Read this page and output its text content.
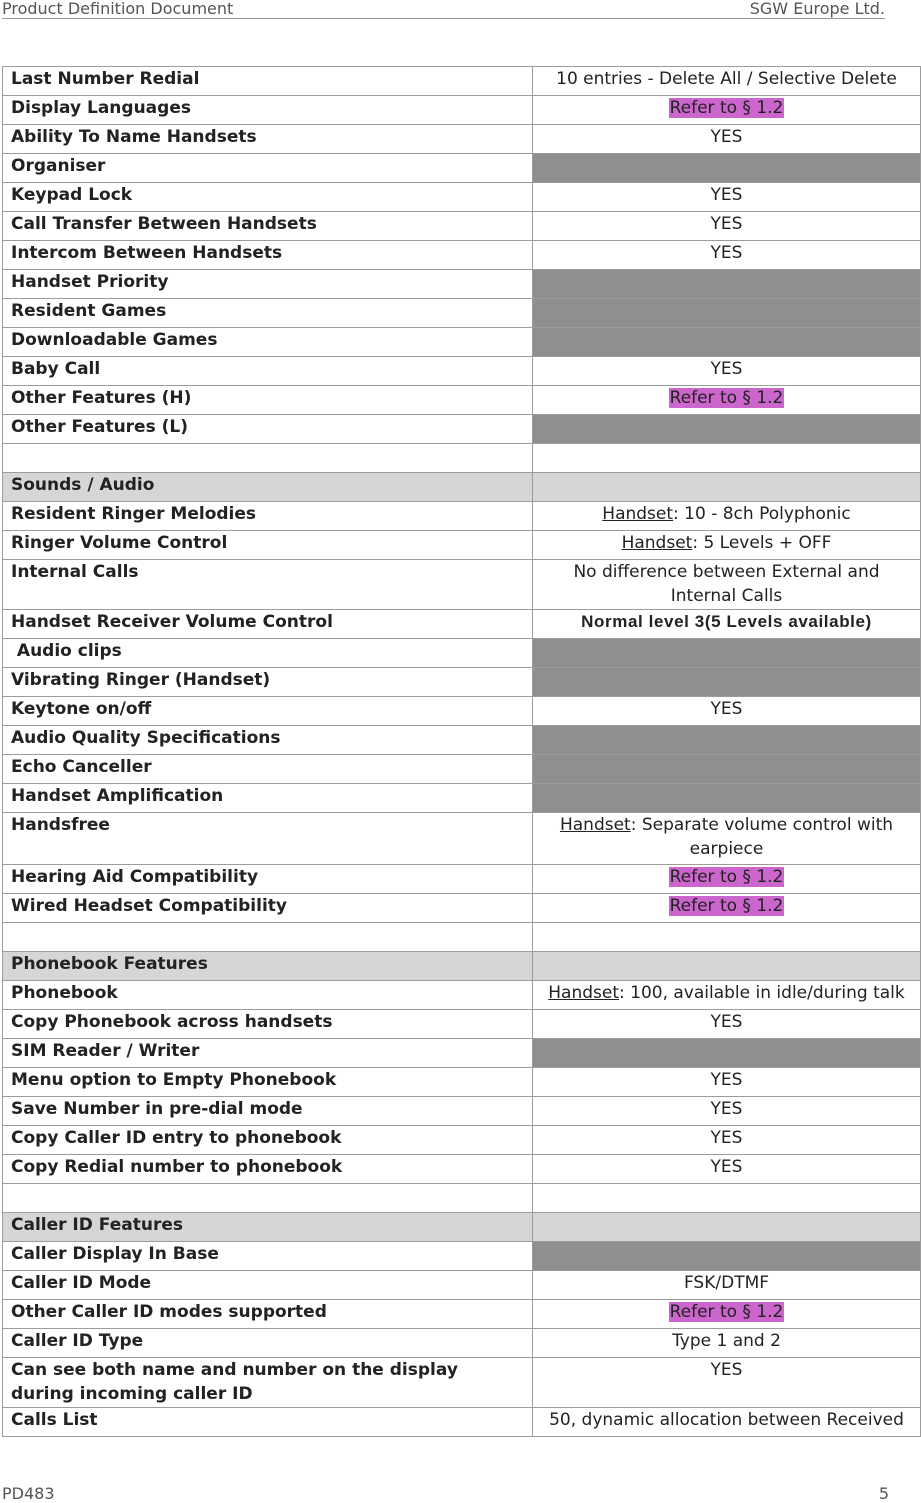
Product Definition Document	SGW Europe Ltd.
Last Number Redial	10 entries - Delete All / Selective Delete
Display Languages	Refer to § 1.2
Ability To Name Handsets	YES
Organiser	
Keypad Lock	YES
Call Transfer Between Handsets	YES
Intercom Between Handsets	YES
Handset Priority	
Resident Games	
Downloadable Games	
Baby Call	YES
Other Features (H)	Refer to § 1.2
Other Features (L)	

Sounds / Audio	
Resident Ringer Melodies	Handset: 10 - 8ch Polyphonic
Ringer Volume Control	Handset: 5 Levels + OFF
Internal Calls	No difference between External and Internal Calls
Handset Receiver Volume Control	Normal level 3(5 Levels available)
Audio clips	
Vibrating Ringer (Handset)	
Keytone on/off	YES
Audio Quality Specifications	
Echo Canceller	
Handset Amplification	
Handsfree	Handset: Separate volume control with earpiece
Hearing Aid Compatibility	Refer to § 1.2
Wired Headset Compatibility	Refer to § 1.2

Phonebook Features	
Phonebook	Handset: 100, available in idle/during talk
Copy Phonebook across handsets	YES
SIM Reader / Writer	
Menu option to Empty Phonebook	YES
Save Number in pre-dial mode	YES
Copy Caller ID entry to phonebook	YES
Copy Redial number to phonebook	YES

Caller ID Features	
Caller Display In Base	
Caller ID Mode	FSK/DTMF
Other Caller ID modes supported	Refer to § 1.2
Caller ID Type	Type 1 and 2
Can see both name and number on the display during incoming caller ID	YES
Calls List	50, dynamic allocation between Received
PD483	5
